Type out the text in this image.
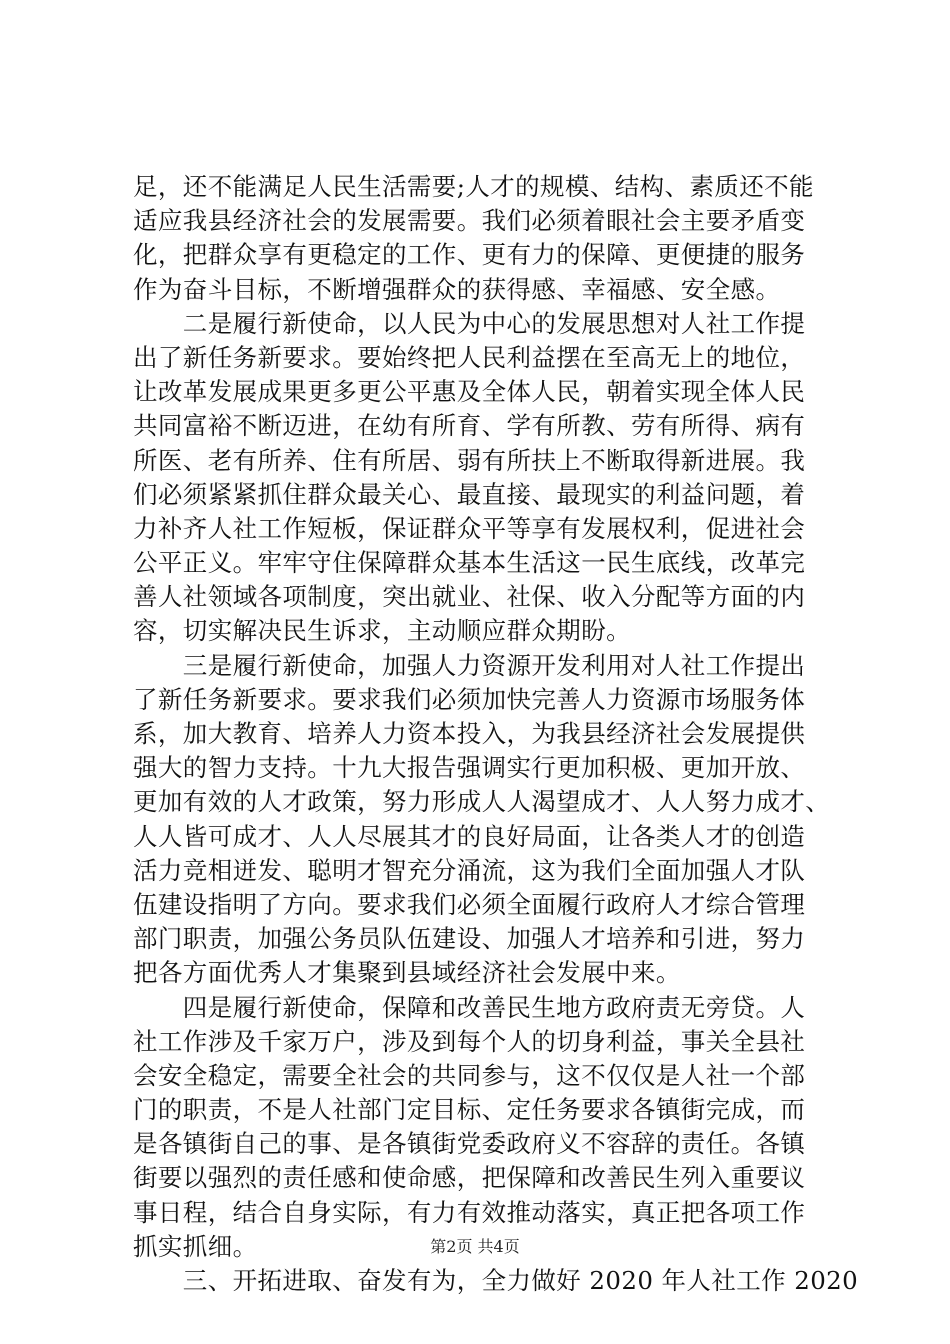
足，还不能满足人民生活需要;人才的规模、结构、素质还不能
适应我县经济社会的发展需要。我们必须着眼社会主要矛盾变
化，把群众享有更稳定的工作、更有力的保障、更便捷的服务
作为奋斗目标，不断增强群众的获得感、幸福感、安全感。
　　二是履行新使命，以人民为中心的发展思想对人社工作提
出了新任务新要求。要始终把人民利益摆在至高无上的地位，
让改革发展成果更多更公平惠及全体人民，朝着实现全体人民
共同富裕不断迈进，在幼有所育、学有所教、劳有所得、病有
所医、老有所养、住有所居、弱有所扶上不断取得新进展。我
们必须紧紧抓住群众最关心、最直接、最现实的利益问题，着
力补齐人社工作短板，保证群众平等享有发展权利，促进社会
公平正义。牢牢守住保障群众基本生活这一民生底线，改革完
善人社领域各项制度，突出就业、社保、收入分配等方面的内
容，切实解决民生诉求，主动顺应群众期盼。
　　三是履行新使命，加强人力资源开发利用对人社工作提出
了新任务新要求。要求我们必须加快完善人力资源市场服务体
系，加大教育、培养人力资本投入，为我县经济社会发展提供
强大的智力支持。十九大报告强调实行更加积极、更加开放、
更加有效的人才政策，努力形成人人渴望成才、人人努力成才、
人人皆可成才、人人尽展其才的良好局面，让各类人才的创造
活力竞相迸发、聪明才智充分涌流，这为我们全面加强人才队
伍建设指明了方向。要求我们必须全面履行政府人才综合管理
部门职责，加强公务员队伍建设、加强人才培养和引进，努力
把各方面优秀人才集聚到县域经济社会发展中来。
　　四是履行新使命，保障和改善民生地方政府责无旁贷。人
社工作涉及千家万户，涉及到每个人的切身利益，事关全县社
会安全稳定，需要全社会的共同参与，这不仅仅是人社一个部
门的职责，不是人社部门定目标、定任务要求各镇街完成，而
是各镇街自己的事、是各镇街党委政府义不容辞的责任。各镇
街要以强烈的责任感和使命感，把保障和改善民生列入重要议
事日程，结合自身实际，有力有效推动落实，真正把各项工作
抓实抓细。
　　三、开拓进取、奋发有为，全力做好 2020 年人社工作 2020
第2页 共4页
